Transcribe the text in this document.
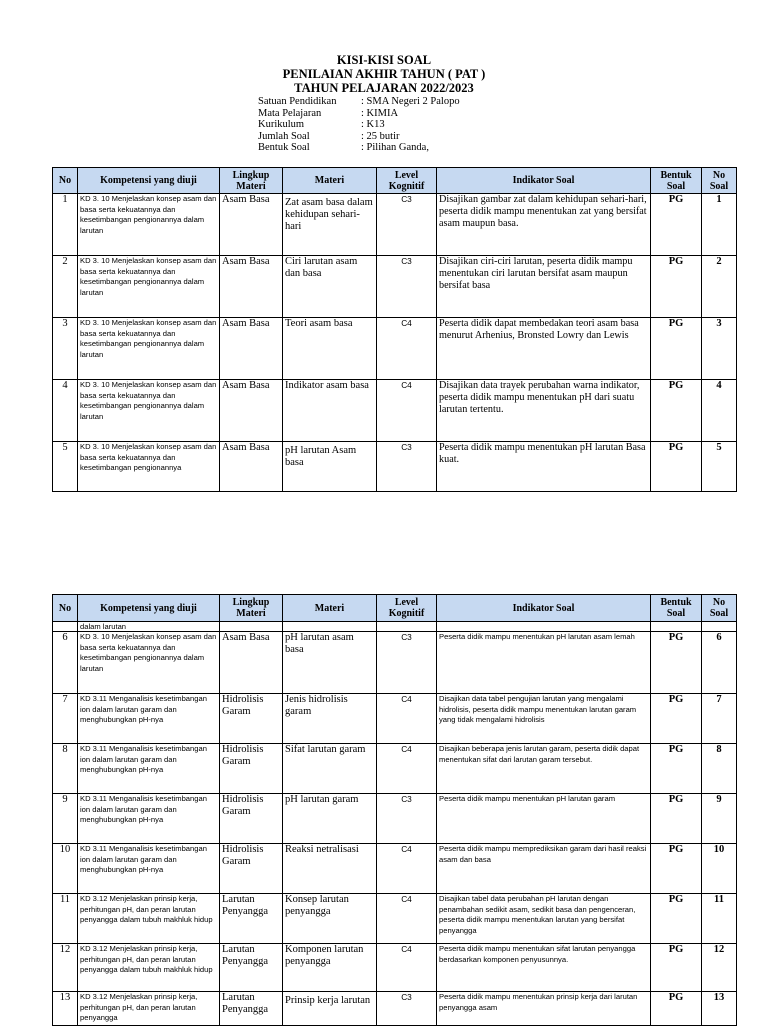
KISI-KISI SOAL
PENILAIAN AKHIR TAHUN ( PAT )
TAHUN PELAJARAN 2022/2023
Satuan Pendidikan	: SMA Negeri 2 Palopo
Mata Pelajaran	: KIMIA
Kurikulum	: K13
Jumlah Soal	: 25 butir
Bentuk Soal	: Pilihan Ganda,
No	Kompetensi yang diuji	Lingkup Materi	Materi	Level Kognitif	Indikator Soal	Bentuk Soal	No Soal
1	KD 3. 10 Menjelaskan konsep asam dan basa serta kekuatannya dan kesetimbangan pengionannya dalam larutan	Asam Basa	Zat asam basa dalam kehidupan sehari-hari	C3	Disajikan gambar zat dalam kehidupan sehari-hari, peserta didik mampu menentukan zat yang bersifat asam maupun basa.	PG	1
2	KD 3. 10 Menjelaskan konsep asam dan basa serta kekuatannya dan kesetimbangan pengionannya dalam larutan	Asam Basa	Ciri larutan asam dan basa	C3	Disajikan ciri-ciri larutan, peserta didik mampu menentukan ciri larutan bersifat asam maupun bersifat basa	PG	2
3	KD 3. 10 Menjelaskan konsep asam dan basa serta kekuatannya dan kesetimbangan pengionannya dalam larutan	Asam Basa	Teori asam basa	C4	Peserta didik dapat membedakan teori asam basa menurut Arhenius, Bronsted Lowry dan Lewis	PG	3
4	KD 3. 10 Menjelaskan konsep asam dan basa serta kekuatannya dan kesetimbangan pengionannya dalam larutan	Asam Basa	Indikator asam basa	C4	Disajikan data trayek perubahan warna indikator, peserta didik mampu menentukan pH dari suatu larutan tertentu.	PG	4
5	KD 3. 10 Menjelaskan konsep asam dan basa serta kekuatannya dan kesetimbangan pengionannya	Asam Basa	pH larutan Asam basa	C3	Peserta didik mampu menentukan pH larutan Basa kuat.	PG	5
No	Kompetensi yang diuji	Lingkup Materi	Materi	Level Kognitif	Indikator Soal	Bentuk Soal	No Soal
	dalam larutan						
6	KD 3. 10 Menjelaskan konsep asam dan basa serta kekuatannya dan kesetimbangan pengionannya dalam larutan	Asam Basa	pH larutan asam basa	C3	Peserta didik mampu menentukan pH larutan asam lemah	PG	6
7	KD 3.11 Menganalisis kesetimbangan ion dalam larutan garam dan menghubungkan pH-nya	Hidrolisis Garam	Jenis hidrolisis garam	C4	Disajikan data tabel pengujian larutan yang mengalami hidrolisis, peserta didik mampu menentukan larutan garam yang tidak mengalami hidrolisis	PG	7
8	KD 3.11 Menganalisis kesetimbangan ion dalam larutan garam dan menghubungkan pH-nya	Hidrolisis Garam	Sifat larutan garam	C4	Disajikan beberapa jenis larutan garam, peserta didik dapat menentukan sifat dari larutan garam tersebut.	PG	8
9	KD 3.11 Menganalisis kesetimbangan ion dalam larutan garam dan menghubungkan pH-nya	Hidrolisis Garam	pH larutan garam	C3	Peserta didik mampu menentukan pH larutan garam	PG	9
10	KD 3.11 Menganalisis kesetimbangan ion dalam larutan garam dan menghubungkan pH-nya	Hidrolisis Garam	Reaksi netralisasi	C4	Peserta didik mampu memprediksikan garam dari hasil reaksi asam dan basa	PG	10
11	KD 3.12 Menjelaskan prinsip kerja, perhitungan pH, dan peran larutan penyangga dalam tubuh makhluk hidup	Larutan Penyangga	Konsep larutan penyangga	C4	Disajikan tabel data perubahan pH larutan dengan penambahan sedikit asam, sedikit basa dan pengenceran, peserta didik mampu menentukan larutan yang bersifat penyangga	PG	11
12	KD 3.12 Menjelaskan prinsip kerja, perhitungan pH, dan peran larutan penyangga dalam tubuh makhluk hidup	Larutan Penyangga	Komponen larutan penyangga	C4	Peserta didik mampu menentukan sifat larutan penyangga berdasarkan komponen penyusunnya.	PG	12
13	KD 3.12 Menjelaskan prinsip kerja, perhitungan pH, dan peran larutan penyangga	Larutan Penyangga	Prinsip kerja larutan	C3	Peserta didik mampu menentukan prinsip kerja dari larutan penyangga asam	PG	13
